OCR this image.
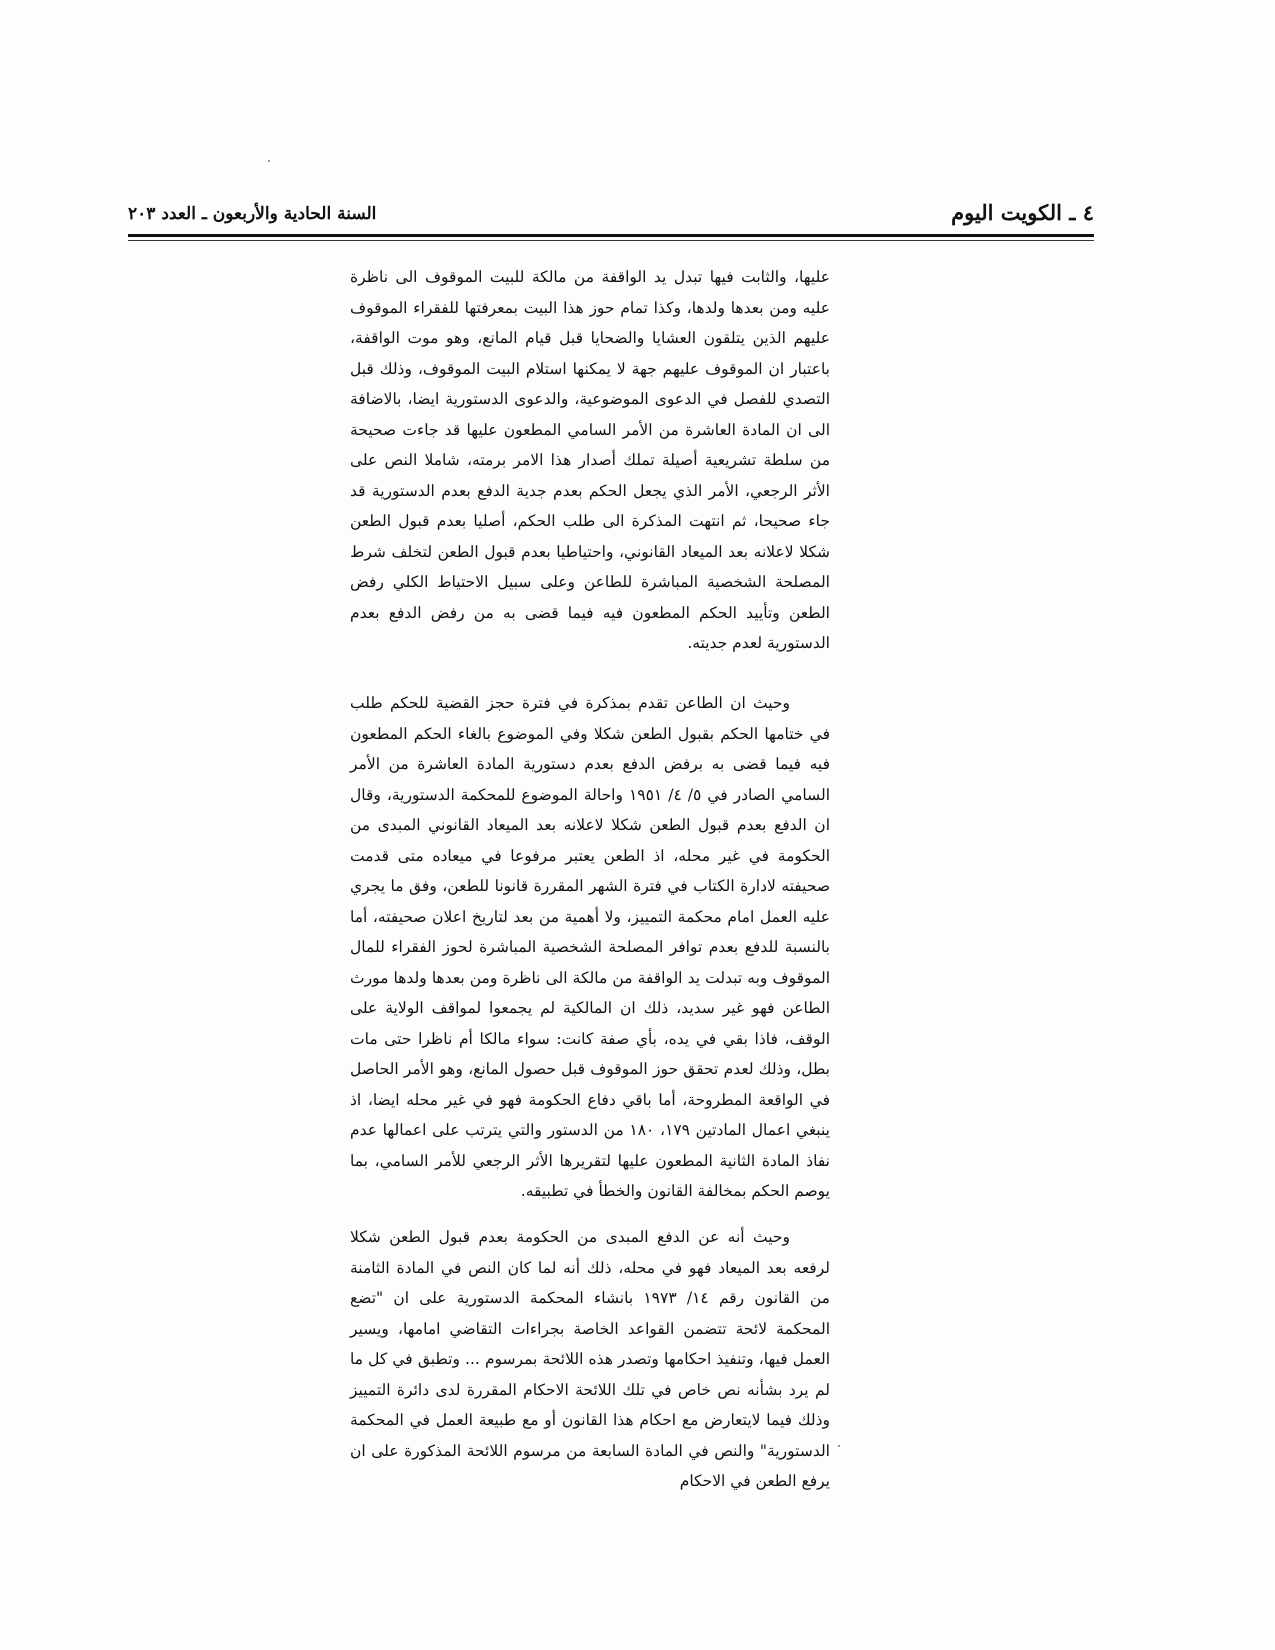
٤ ـ الكويت اليوم
السنة الحادية والأربعون ـ العدد ٢٠٣

عليها، والثابت فيها تبدل يد الواقفة من مالكة للبيت الموقوف الى ناظرة عليه ومن بعدها ولدها، وكذا تمام حوز هذا البيت بمعرفتها للفقراء الموقوف عليهم الذين يتلقون العشايا والضحايا قبل قيام المانع، وهو موت الواقفة، باعتبار ان الموقوف عليهم جهة لا يمكنها استلام البيت الموقوف، وذلك قبل التصدي للفصل في الدعوى الموضوعية، والدعوى الدستورية ايضا، بالاضافة الى ان المادة العاشرة من الأمر السامي المطعون عليها قد جاءت صحيحة من سلطة تشريعية أصيلة تملك أصدار هذا الامر برمته، شاملا النص على الأثر الرجعي، الأمر الذي يجعل الحكم بعدم جدية الدفع بعدم الدستورية قد جاء صحيحا، ثم انتهت المذكرة الى طلب الحكم، أصليا بعدم قبول الطعن شكلا لاعلانه بعد الميعاد القانوني، واحتياطيا بعدم قبول الطعن لتخلف شرط المصلحة الشخصية المباشرة للطاعن وعلى سبيل الاحتياط الكلي رفض الطعن وتأييد الحكم المطعون فيه فيما قضى به من رفض الدفع بعدم الدستورية لعدم جديته.

وحيث ان الطاعن تقدم بمذكرة في فترة حجز القضية للحكم طلب في ختامها الحكم بقبول الطعن شكلا وفي الموضوع بالغاء الحكم المطعون فيه فيما قضى به برفض الدفع بعدم دستورية المادة العاشرة من الأمر السامي الصادر في ٥/ ٤/ ١٩٥١ واحالة الموضوع للمحكمة الدستورية، وقال ان الدفع بعدم قبول الطعن شكلا لاعلانه بعد الميعاد القانوني المبدى من الحكومة في غير محله، اذ الطعن يعتبر مرفوعا في ميعاده متى قدمت صحيفته لادارة الكتاب في فترة الشهر المقررة قانونا للطعن، وفق ما يجري عليه العمل امام محكمة التمييز، ولا أهمية من بعد لتاريخ اعلان صحيفته، أما بالنسبة للدفع بعدم توافر المصلحة الشخصية المباشرة لحوز الفقراء للمال الموقوف وبه تبدلت يد الواقفة من مالكة الى ناظرة ومن بعدها ولدها مورث الطاعن فهو غير سديد، ذلك ان المالكية لم يجمعوا لمواقف الولاية على الوقف، فاذا بقي في يده، بأي صفة كانت: سواء مالكا أم ناظرا حتى مات بطل، وذلك لعدم تحقق حوز الموقوف قبل حصول المانع، وهو الأمر الحاصل في الواقعة المطروحة، أما باقي دفاع الحكومة فهو في غير محله ايضا، اذ ينبغي اعمال المادتين ١٧٩، ١٨٠ من الدستور والتي يترتب على اعمالها عدم نفاذ المادة الثانية المطعون عليها لتقريرها الأثر الرجعي للأمر السامي، بما يوصم الحكم بمخالفة القانون والخطأ في تطبيقه.

وحيث أنه عن الدفع المبدى من الحكومة بعدم قبول الطعن شكلا لرفعه بعد الميعاد فهو في محله، ذلك أنه لما كان النص في المادة الثامنة من القانون رقم ١٤/ ١٩٧٣ بانشاء المحكمة الدستورية على ان "تضع المحكمة لائحة تتضمن القواعد الخاصة بجراءات التقاضي امامها، ويسير العمل فيها، وتنفيذ احكامها وتصدر هذه اللائحة بمرسوم ... وتطبق في كل ما لم يرد بشأنه نص خاص في تلك اللائحة الاحكام المقررة لدى دائرة التمييز وذلك فيما لايتعارض مع احكام هذا القانون أو مع طبيعة العمل في المحكمة الدستورية" والنص في المادة السابعة من مرسوم اللائحة المذكورة على ان يرفع الطعن في الاحكام
